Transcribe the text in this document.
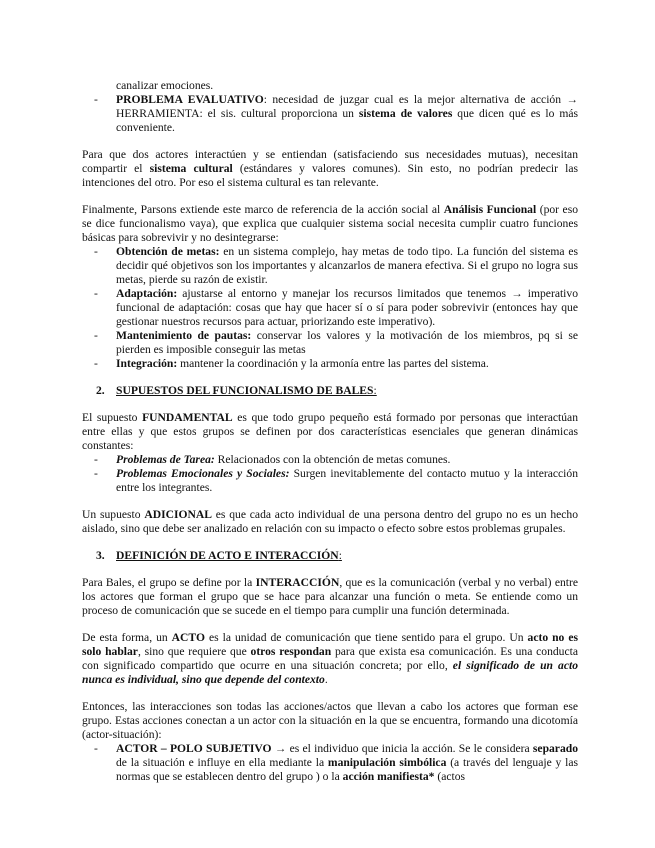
canalizar emociones.

- PROBLEMA EVALUATIVO: necesidad de juzgar cual es la mejor alternativa de acción → HERRAMIENTA: el sis. cultural proporciona un sistema de valores que dicen qué es lo más conveniente.

Para que dos actores interactúen y se entiendan (satisfaciendo sus necesidades mutuas), necesitan compartir el sistema cultural (estándares y valores comunes). Sin esto, no podrían predecir las intenciones del otro. Por eso el sistema cultural es tan relevante.

Finalmente, Parsons extiende este marco de referencia de la acción social al Análisis Funcional (por eso se dice funcionalismo vaya), que explica que cualquier sistema social necesita cumplir cuatro funciones básicas para sobrevivir y no desintegrarse:

- Obtención de metas: en un sistema complejo, hay metas de todo tipo. La función del sistema es decidir qué objetivos son los importantes y alcanzarlos de manera efectiva. Si el grupo no logra sus metas, pierde su razón de existir.
- Adaptación: ajustarse al entorno y manejar los recursos limitados que tenemos → imperativo funcional de adaptación: cosas que hay que hacer sí o sí para poder sobrevivir (entonces hay que gestionar nuestros recursos para actuar, priorizando este imperativo).
- Mantenimiento de pautas: conservar los valores y la motivación de los miembros, pq si se pierden es imposible conseguir las metas
- Integración: mantener la coordinación y la armonía entre las partes del sistema.
2. SUPUESTOS DEL FUNCIONALISMO DE BALES:

El supuesto FUNDAMENTAL es que todo grupo pequeño está formado por personas que interactúan entre ellas y que estos grupos se definen por dos características esenciales que generan dinámicas constantes:

- Problemas de Tarea: Relacionados con la obtención de metas comunes.
- Problemas Emocionales y Sociales: Surgen inevitablemente del contacto mutuo y la interacción entre los integrantes.

Un supuesto ADICIONAL es que cada acto individual de una persona dentro del grupo no es un hecho aislado, sino que debe ser analizado en relación con su impacto o efecto sobre estos problemas grupales.

3. DEFINICIÓN DE ACTO E INTERACCIÓN:

Para Bales, el grupo se define por la INTERACCIÓN, que es la comunicación (verbal y no verbal) entre los actores que forman el grupo que se hace para alcanzar una función o meta. Se entiende como un proceso de comunicación que se sucede en el tiempo para cumplir una función determinada.

De esta forma, un ACTO es la unidad de comunicación que tiene sentido para el grupo. Un acto no es solo hablar, sino que requiere que otros respondan para que exista esa comunicación. Es una conducta con significado compartido que ocurre en una situación concreta; por ello, el significado de un acto nunca es individual, sino que depende del contexto.

Entonces, las interacciones son todas las acciones/actos que llevan a cabo los actores que forman ese grupo. Estas acciones conectan a un actor con la situación en la que se encuentra, formando una dicotomía (actor-situación):

- ACTOR – POLO SUBJETIVO → es el individuo que inicia la acción. Se le considera separado de la situación e influye en ella mediante la manipulación simbólica (a través del lenguaje y las normas que se establecen dentro del grupo ) o la acción manifiesta* (actos
